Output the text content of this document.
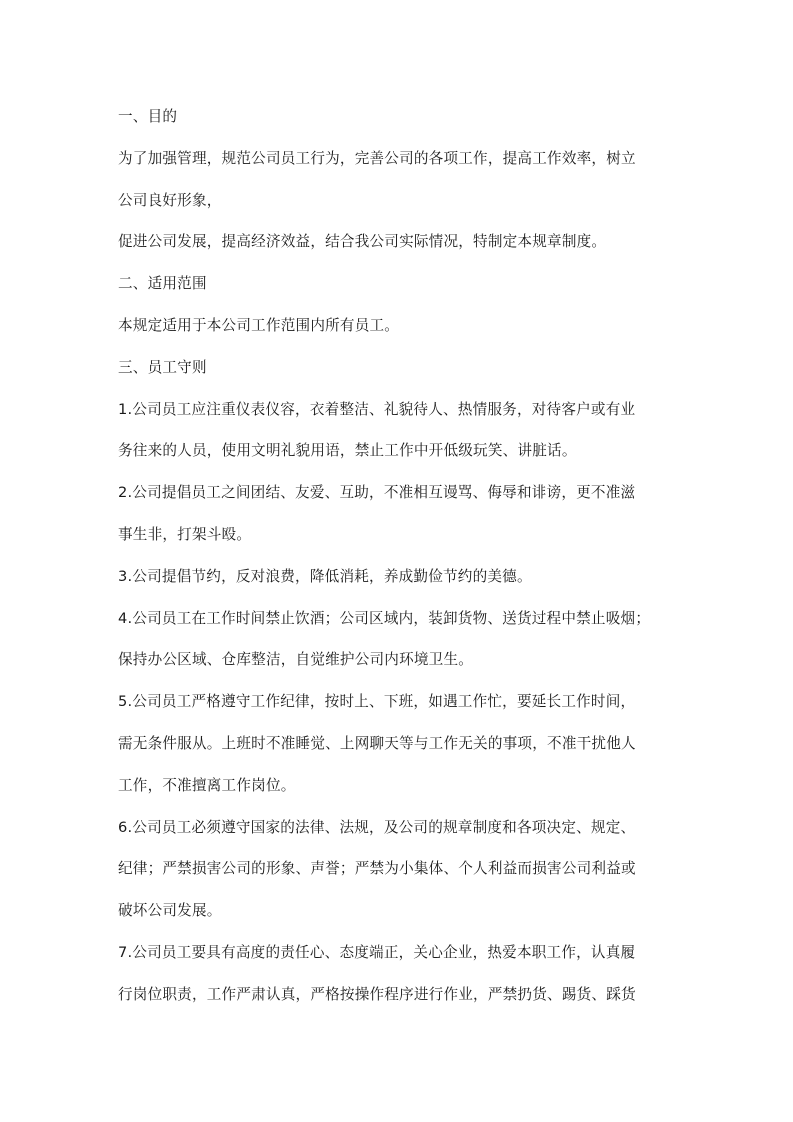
一、目的
为了加强管理，规范公司员工行为，完善公司的各项工作，提高工作效率，树立
公司良好形象，
促进公司发展，提高经济效益，结合我公司实际情况，特制定本规章制度。
二、适用范围
本规定适用于本公司工作范围内所有员工。
三、员工守则
1.公司员工应注重仪表仪容，衣着整洁、礼貌待人、热情服务，对待客户或有业
务往来的人员，使用文明礼貌用语，禁止工作中开低级玩笑、讲脏话。
2.公司提倡员工之间团结、友爱、互助，不准相互谩骂、侮辱和诽谤，更不准滋
事生非，打架斗殴。
3.公司提倡节约，反对浪费，降低消耗，养成勤俭节约的美德。
4.公司员工在工作时间禁止饮酒；公司区域内，装卸货物、送货过程中禁止吸烟；
保持办公区域、仓库整洁，自觉维护公司内环境卫生。
5.公司员工严格遵守工作纪律，按时上、下班，如遇工作忙，要延长工作时间，
需无条件服从。上班时不准睡觉、上网聊天等与工作无关的事项，不准干扰他人
工作，不准擅离工作岗位。
6.公司员工必须遵守国家的法律、法规，及公司的规章制度和各项决定、规定、
纪律；严禁损害公司的形象、声誉；严禁为小集体、个人利益而损害公司利益或
破坏公司发展。
7.公司员工要具有高度的责任心、态度端正，关心企业，热爱本职工作，认真履
行岗位职责，工作严肃认真，严格按操作程序进行作业，严禁扔货、踢货、踩货
